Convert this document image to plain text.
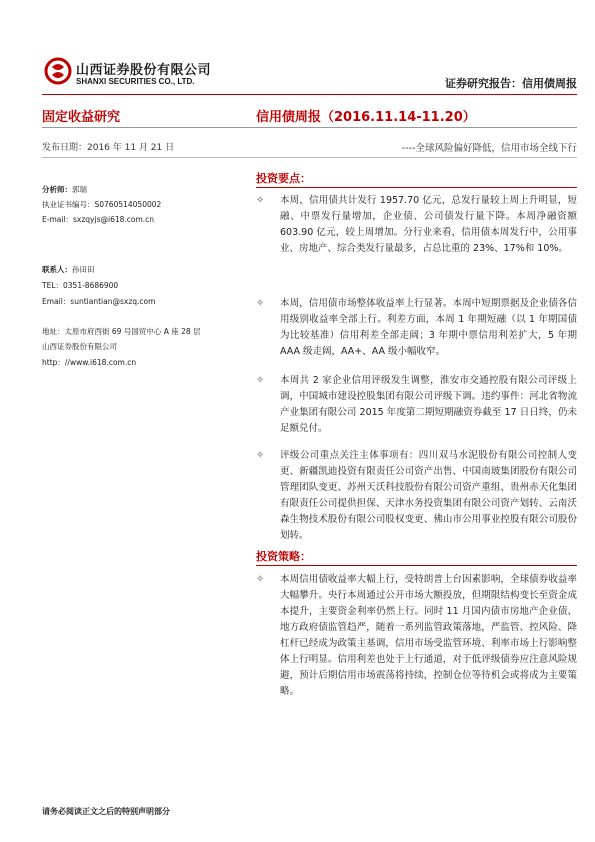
山西证券股份有限公司
SHANXI SECURITIES CO., LTD.	证券研究报告：信用债周报
固定收益研究	信用债周报（2016.11.14-11.20）
发布日期：2016 年 11 月 21 日	----全球风险偏好降低，信用市场全线下行
分析师：郭瑞
执业证书编号：S0760514050002
E-mail：sxzqyjs@i618.com.cn
联系人：孙田田
TEL：0351-8686900
Email：suntiantian@sxzq.com
地址：太原市府西街 69 号国贸中心 A 座 28 层
山西证券股份有限公司
http：//www.i618.com.cn
投资要点：
✧	本周，信用债共计发行 1957.70 亿元，总发行量较上周上升明显，短融、中票发行量增加，企业债、公司债发行量下降。本周净融资额 603.90 亿元，较上周增加。分行业来看，信用债本周发行中，公用事业、房地产、综合类发行量最多，占总比重的 23%、17%和 10%。
✧	本周，信用债市场整体收益率上行显著。本周中短期票据及企业债各信用级别收益率全部上行。利差方面，本周 1 年期短融（以 1 年期国债为比较基准）信用利差全部走阔；3 年期中票信用利差扩大，5 年期 AAA 级走阔，AA+、AA 级小幅收窄。
✧	本周共 2 家企业信用评级发生调整，淮安市交通控股有限公司评级上调，中国城市建设控股集团有限公司评级下调。违约事件：河北省物流产业集团有限公司 2015 年度第二期短期融资券截至 17 日日终，仍未足额兑付。
✧	评级公司重点关注主体事项有：四川双马水泥股份有限公司控制人变更、新疆凯迪投资有限责任公司资产出售、中国南玻集团股份有限公司管理团队变更、苏州天沃科技股份有限公司资产重组、贵州赤天化集团有限责任公司提供担保、天津水务投资集团有限公司资产划转、云南沃森生物技术股份有限公司股权变更、佛山市公用事业控股有限公司股份划转。
投资策略：
✧	本周信用债收益率大幅上行，受特朗普上台因素影响，全球债券收益率大幅攀升。央行本周通过公开市场大额投放，但期限结构变长至资金成本提升，主要资金利率仍然上行。同时 11 月国内债市房地产企业债、地方政府债监管趋严，随着一系列监管政策落地，严监管、控风险、降杠杆已经成为政策主基调，信用市场受监管环境、利率市场上行影响整体上行明显。信用利差也处于上行通道，对于低评级债券应注意风险规避，预计后期信用市场震荡将持续，控制仓位等待机会或将成为主要策略。
请务必阅读正文之后的特别声明部分
